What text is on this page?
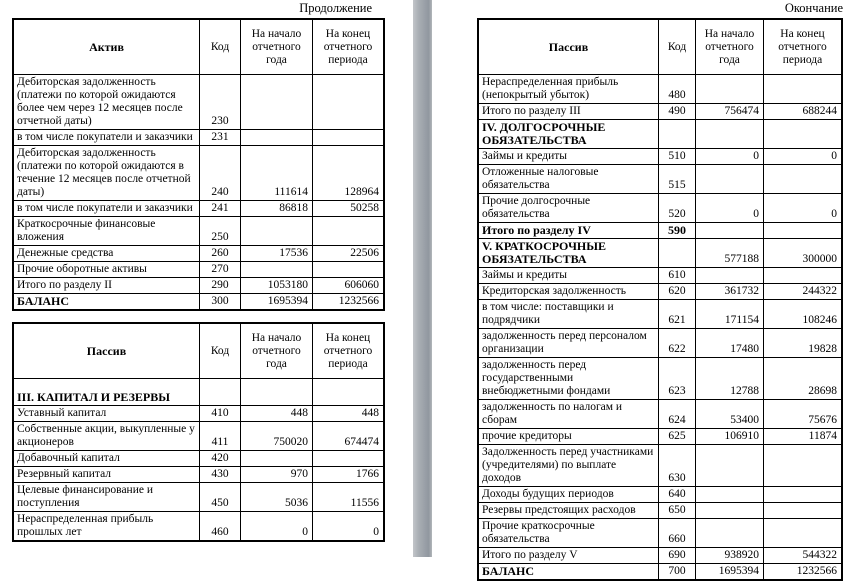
Продолжение
Актив	Код	На начало отчетного года	На конец отчетного периода
Дебиторская задолженность (платежи по которой ожидаются более чем через 12 месяцев после отчетной даты)	230		
в том числе покупатели и заказчики	231		
Дебиторская задолженность (платежи по которой ожидаются в течение 12 месяцев после отчетной даты)	240	111614	128964
в том числе покупатели и заказчики	241	86818	50258
Краткосрочные финансовые вложения	250		
Денежные средства	260	17536	22506
Прочие оборотные активы	270		
Итого по разделу II	290	1053180	606060
БАЛАНС	300	1695394	1232566
Пассив	Код	На начало отчетного года	На конец отчетного периода
III. КАПИТАЛ И РЕЗЕРВЫ			
Уставный капитал	410	448	448
Собственные акции, выкупленные у акционеров	411	750020	674474
Добавочный капитал	420		
Резервный капитал	430	970	1766
Целевые финансирование и поступления	450	5036	11556
Нераспределенная прибыль прошлых лет	460	0	0
Окончание
Пассив	Код	На начало отчетного года	На конец отчетного периода
Нераспределенная прибыль (непокрытый убыток)	480		
Итого по разделу III	490	756474	688244
IV. ДОЛГОСРОЧНЫЕ ОБЯЗАТЕЛЬСТВА			
Займы и кредиты	510	0	0
Отложенные налоговые обязательства	515		
Прочие долгосрочные обязательства	520	0	0
Итого по разделу IV	590		
V. КРАТКОСРОЧНЫЕ ОБЯЗАТЕЛЬСТВА		577188	300000
Займы и кредиты	610		
Кредиторская задолженность	620	361732	244322
в том числе: поставщики и подрядчики	621	171154	108246
задолженность перед персоналом организации	622	17480	19828
задолженность перед государственными внебюджетными фондами	623	12788	28698
задолженность по налогам и сборам	624	53400	75676
прочие кредиторы	625	106910	11874
Задолженность перед участниками (учредителями) по выплате доходов	630		
Доходы будущих периодов	640		
Резервы предстоящих расходов	650		
Прочие краткосрочные обязательства	660		
Итого по разделу V	690	938920	544322
БАЛАНС	700	1695394	1232566
